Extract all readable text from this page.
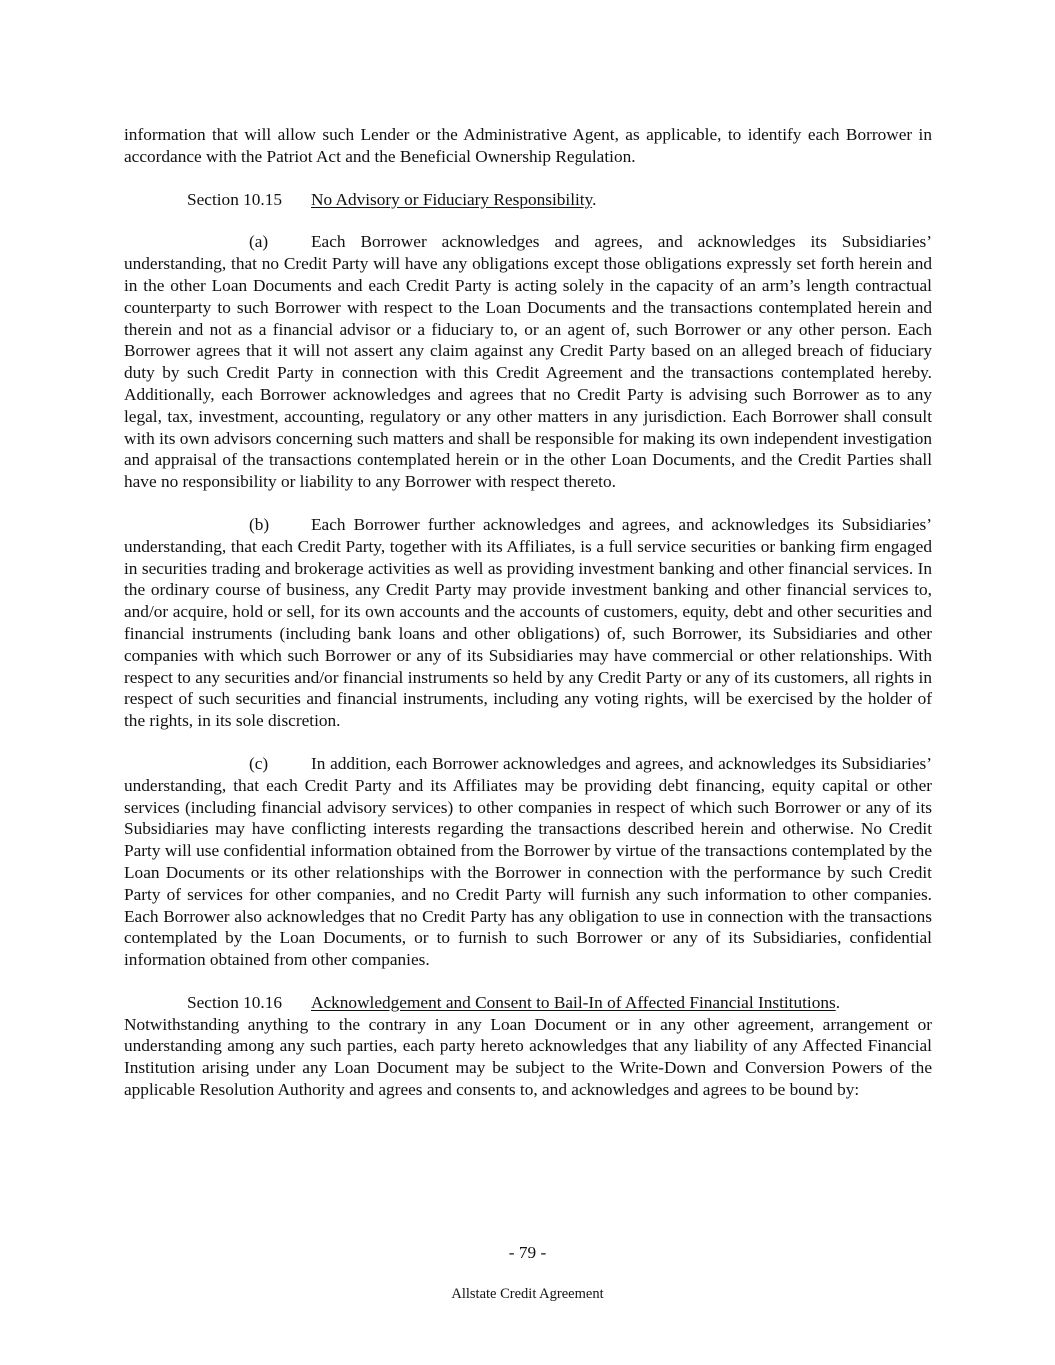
information that will allow such Lender or the Administrative Agent, as applicable, to identify each Borrower in accordance with the Patriot Act and the Beneficial Ownership Regulation.

Section 10.15 No Advisory or Fiduciary Responsibility.

(a) Each Borrower acknowledges and agrees, and acknowledges its Subsidiaries’ understanding, that no Credit Party will have any obligations except those obligations expressly set forth herein and in the other Loan Documents and each Credit Party is acting solely in the capacity of an arm’s length contractual counterparty to such Borrower with respect to the Loan Documents and the transactions contemplated herein and therein and not as a financial advisor or a fiduciary to, or an agent of, such Borrower or any other person. Each Borrower agrees that it will not assert any claim against any Credit Party based on an alleged breach of fiduciary duty by such Credit Party in connection with this Credit Agreement and the transactions contemplated hereby. Additionally, each Borrower acknowledges and agrees that no Credit Party is advising such Borrower as to any legal, tax, investment, accounting, regulatory or any other matters in any jurisdiction. Each Borrower shall consult with its own advisors concerning such matters and shall be responsible for making its own independent investigation and appraisal of the transactions contemplated herein or in the other Loan Documents, and the Credit Parties shall have no responsibility or liability to any Borrower with respect thereto.

(b) Each Borrower further acknowledges and agrees, and acknowledges its Subsidiaries’ understanding, that each Credit Party, together with its Affiliates, is a full service securities or banking firm engaged in securities trading and brokerage activities as well as providing investment banking and other financial services. In the ordinary course of business, any Credit Party may provide investment banking and other financial services to, and/or acquire, hold or sell, for its own accounts and the accounts of customers, equity, debt and other securities and financial instruments (including bank loans and other obligations) of, such Borrower, its Subsidiaries and other companies with which such Borrower or any of its Subsidiaries may have commercial or other relationships. With respect to any securities and/or financial instruments so held by any Credit Party or any of its customers, all rights in respect of such securities and financial instruments, including any voting rights, will be exercised by the holder of the rights, in its sole discretion.

(c) In addition, each Borrower acknowledges and agrees, and acknowledges its Subsidiaries’ understanding, that each Credit Party and its Affiliates may be providing debt financing, equity capital or other services (including financial advisory services) to other companies in respect of which such Borrower or any of its Subsidiaries may have conflicting interests regarding the transactions described herein and otherwise. No Credit Party will use confidential information obtained from the Borrower by virtue of the transactions contemplated by the Loan Documents or its other relationships with the Borrower in connection with the performance by such Credit Party of services for other companies, and no Credit Party will furnish any such information to other companies. Each Borrower also acknowledges that no Credit Party has any obligation to use in connection with the transactions contemplated by the Loan Documents, or to furnish to such Borrower or any of its Subsidiaries, confidential information obtained from other companies.

Section 10.16 Acknowledgement and Consent to Bail-In of Affected Financial Institutions.
Notwithstanding anything to the contrary in any Loan Document or in any other agreement, arrangement or understanding among any such parties, each party hereto acknowledges that any liability of any Affected Financial Institution arising under any Loan Document may be subject to the Write-Down and Conversion Powers of the applicable Resolution Authority and agrees and consents to, and acknowledges and agrees to be bound by:

- 79 -
Allstate Credit Agreement
